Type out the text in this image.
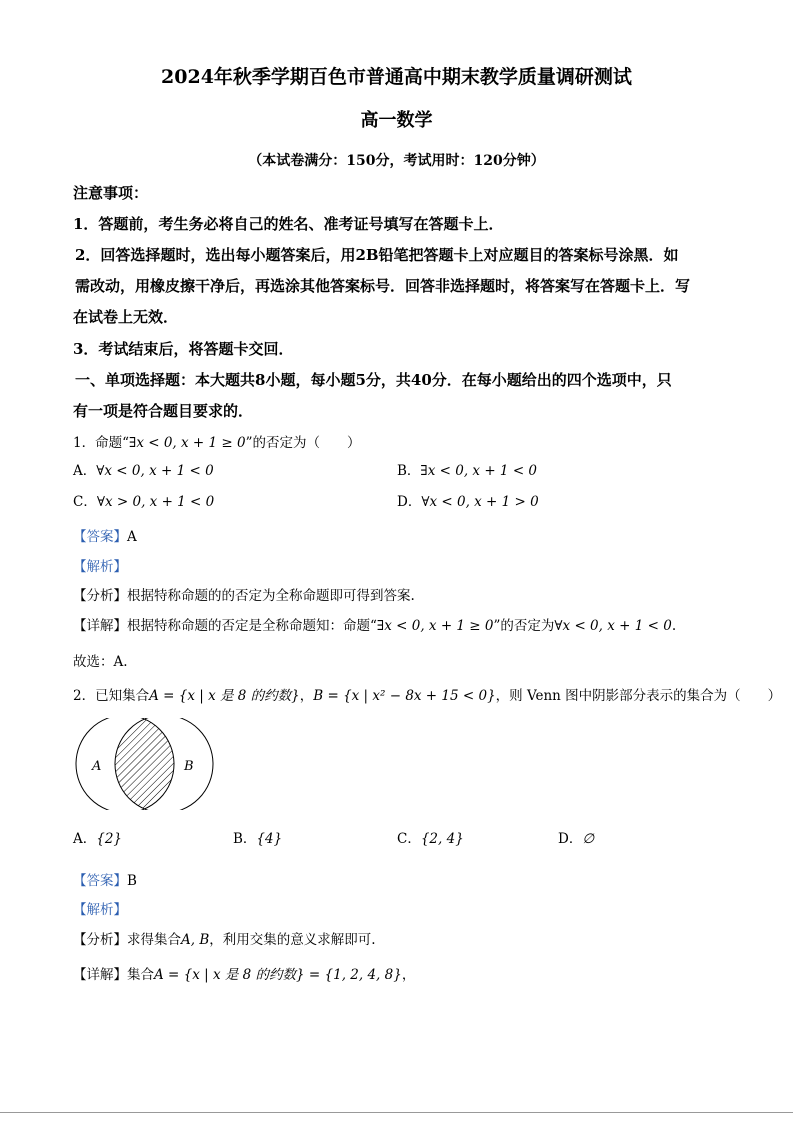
2024年秋季学期百色市普通高中期末教学质量调研测试
高一数学
（本试卷满分：150分，考试用时：120分钟）
注意事项：
1．答题前，考生务必将自己的姓名、准考证号填写在答题卡上．
2．回答选择题时，选出每小题答案后，用2B铅笔把答题卡上对应题目的答案标号涂黑．如
需改动，用橡皮擦干净后，再选涂其他答案标号．回答非选择题时，将答案写在答题卡上．写
在试卷上无效．
3．考试结束后，将答题卡交回．
一、单项选择题：本大题共8小题，每小题5分，共40分．在每小题给出的四个选项中，只
有一项是符合题目要求的．
1．命题“∃x < 0, x + 1 ≥ 0”的否定为（　　）
A．∀x < 0, x + 1 < 0	B．∃x < 0, x + 1 < 0
C．∀x > 0, x + 1 < 0	D．∀x < 0, x + 1 > 0
【答案】A
【解析】
【分析】根据特称命题的的否定为全称命题即可得到答案.
【详解】根据特称命题的否定是全称命题知：命题“∃x < 0, x + 1 ≥ 0”的否定为∀x < 0, x + 1 < 0.
故选：A.
2．已知集合A = {x | x 是 8 的约数}，B = {x | x² − 8x + 15 < 0}，则 Venn 图中阴影部分表示的集合为（　　）
A	B
A．{2}	B．{4}	C．{2, 4}	D．∅
【答案】B
【解析】
【分析】求得集合A, B，利用交集的意义求解即可.
【详解】集合A = {x | x 是 8 的约数} = {1, 2, 4, 8}，
